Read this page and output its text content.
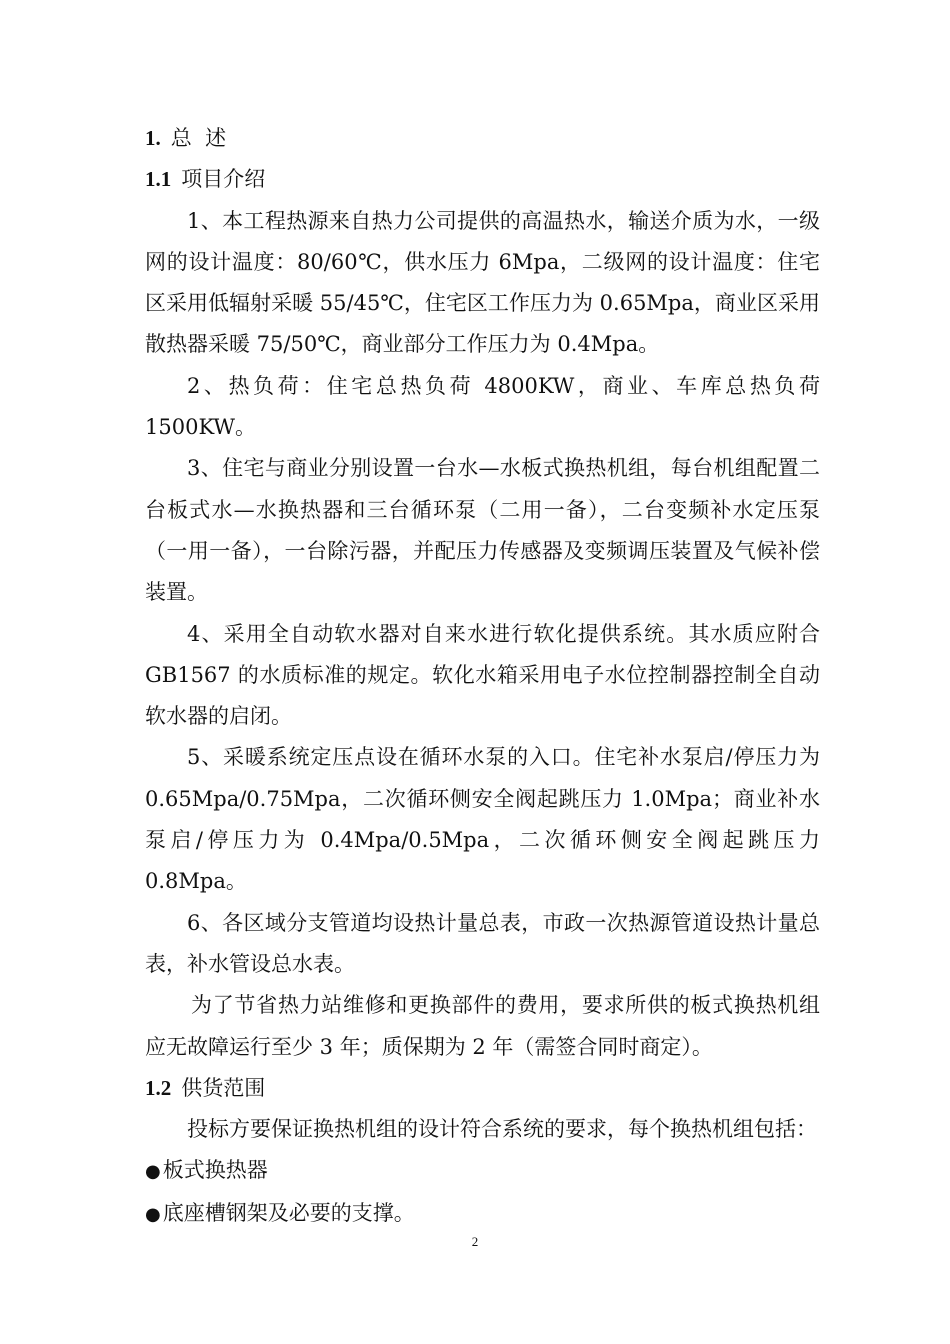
1. 总  述

1.1 项目介绍

1、本工程热源来自热力公司提供的高温热水，输送介质为水，一级网的设计温度：80/60℃，供水压力 6Mpa，二级网的设计温度：住宅区采用低辐射采暖 55/45℃，住宅区工作压力为 0.65Mpa，商业区采用散热器采暖 75/50℃，商业部分工作压力为 0.4Mpa。

2、热负荷：住宅总热负荷 4800KW，商业、车库总热负荷 1500KW。

3、住宅与商业分别设置一台水—水板式换热机组，每台机组配置二台板式水—水换热器和三台循环泵（二用一备），二台变频补水定压泵（一用一备），一台除污器，并配压力传感器及变频调压装置及气候补偿装置。

4、采用全自动软水器对自来水进行软化提供系统。其水质应附合 GB1567 的水质标准的规定。软化水箱采用电子水位控制器控制全自动软水器的启闭。

5、采暖系统定压点设在循环水泵的入口。住宅补水泵启/停压力为 0.65Mpa/0.75Mpa，二次循环侧安全阀起跳压力 1.0Mpa；商业补水泵启/停压力为 0.4Mpa/0.5Mpa，二次循环侧安全阀起跳压力 0.8Mpa。

6、各区域分支管道均设热计量总表，市政一次热源管道设热计量总表，补水管设总水表。

为了节省热力站维修和更换部件的费用，要求所供的板式换热机组应无故障运行至少 3 年；质保期为 2 年（需签合同时商定）。

1.2 供货范围

投标方要保证换热机组的设计符合系统的要求，每个换热机组包括：

●板式换热器

●底座槽钢架及必要的支撑。

2
